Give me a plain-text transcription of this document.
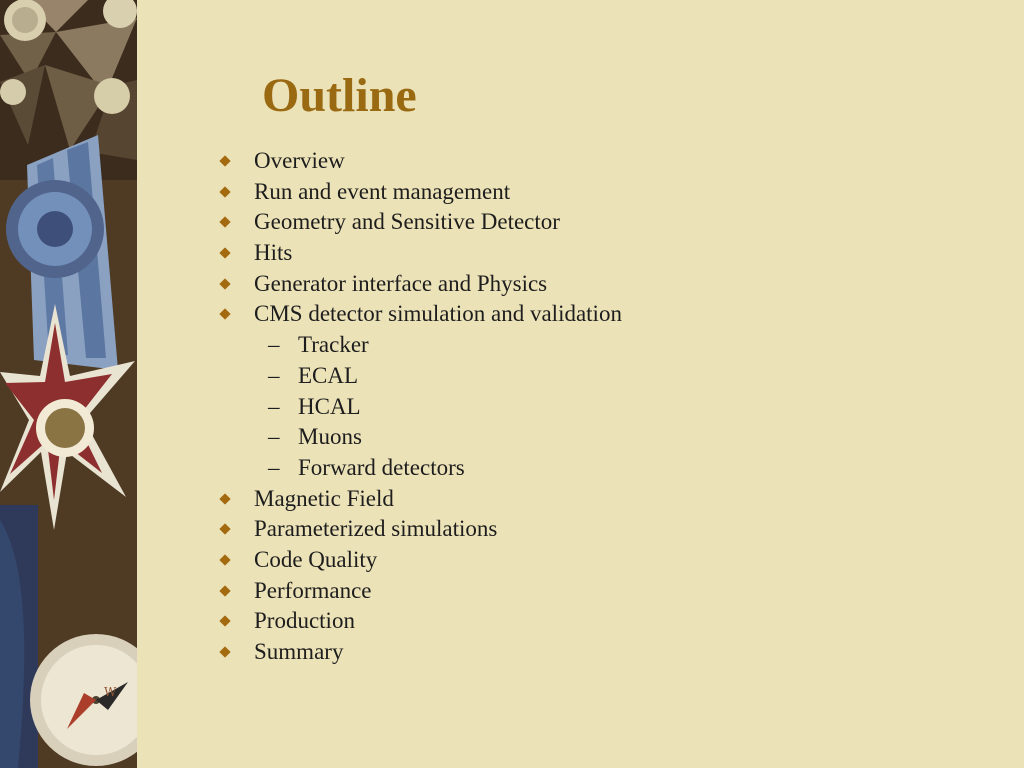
W
Outline
Overview
Run and event management
Geometry and Sensitive Detector
Hits
Generator interface and Physics
CMS detector simulation and validation
– Tracker
– ECAL
– HCAL
– Muons
– Forward detectors
Magnetic Field
Parameterized simulations
Code Quality
Performance
Production
Summary
